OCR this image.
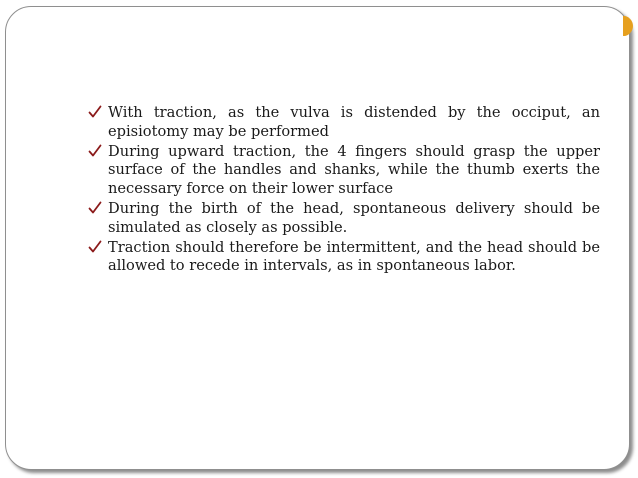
With traction, as the vulva is distended by the occiput, an episiotomy may be performed
During upward traction, the 4 fingers should grasp the upper surface of the handles and shanks, while the thumb exerts the necessary force on their lower surface
During the birth of the head, spontaneous delivery should be simulated as closely as possible.
Traction should therefore be intermittent, and the head should be allowed to recede in intervals, as in spontaneous labor.
